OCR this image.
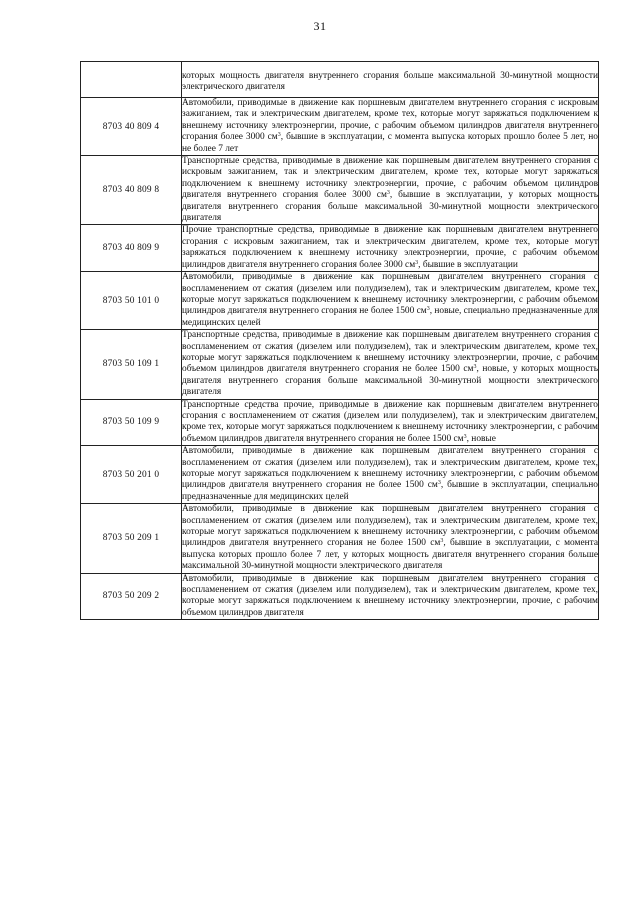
31
	которых мощность двигателя внутреннего сгорания больше максимальной 30-минутной мощности электрического двигателя
8703 40 809 4	Автомобили, приводимые в движение как поршневым двигателем внутреннего сгорания с искровым зажиганием, так и электрическим двигателем, кроме тех, которые могут заряжаться подключением к внешнему источнику электроэнергии, прочие, с рабочим объемом цилиндров двигателя внутреннего сгорания более 3000 $см^3$, бывшие в эксплуатации, с момента выпуска которых прошло более 5 лет, но не более 7 лет
8703 40 809 8	Транспортные средства, приводимые в движение как поршневым двигателем внутреннего сгорания с искровым зажиганием, так и электрическим двигателем, кроме тех, которые могут заряжаться подключением к внешнему источнику электроэнергии, прочие, с рабочим объемом цилиндров двигателя внутреннего сгорания более 3000 $см^3$, бывшие в эксплуатации, у которых мощность двигателя внутреннего сгорания больше максимальной 30-минутной мощности электрического двигателя
8703 40 809 9	Прочие транспортные средства, приводимые в движение как поршневым двигателем внутреннего сгорания с искровым зажиганием, так и электрическим двигателем, кроме тех, которые могут заряжаться подключением к внешнему источнику электроэнергии, прочие, с рабочим объемом цилиндров двигателя внутреннего сгорания более 3000 $см^3$, бывшие в эксплуатации
8703 50 101 0	Автомобили, приводимые в движение как поршневым двигателем внутреннего сгорания с воспламенением от сжатия (дизелем или полудизелем), так и электрическим двигателем, кроме тех, которые могут заряжаться подключением к внешнему источнику электроэнергии, с рабочим объемом цилиндров двигателя внутреннего сгорания не более 1500 $см^3$, новые, специально предназначенные для медицинских целей
8703 50 109 1	Транспортные средства, приводимые в движение как поршневым двигателем внутреннего сгорания с воспламенением от сжатия (дизелем или полудизелем), так и электрическим двигателем, кроме тех, которые могут заряжаться подключением к внешнему источнику электроэнергии, прочие, с рабочим объемом цилиндров двигателя внутреннего сгорания не более 1500 $см^3$, новые, у которых мощность двигателя внутреннего сгорания больше максимальной 30-минутной мощности электрического двигателя
8703 50 109 9	Транспортные средства прочие, приводимые в движение как поршневым двигателем внутреннего сгорания с воспламенением от сжатия (дизелем или полудизелем), так и электрическим двигателем, кроме тех, которые могут заряжаться подключением к внешнему источнику электроэнергии, с рабочим объемом цилиндров двигателя внутреннего сгорания не более 1500 $см^3$, новые
8703 50 201 0	Автомобили, приводимые в движение как поршневым двигателем внутреннего сгорания с воспламенением от сжатия (дизелем или полудизелем), так и электрическим двигателем, кроме тех, которые могут заряжаться подключением к внешнему источнику электроэнергии, с рабочим объемом цилиндров двигателя внутреннего сгорания не более 1500 $см^3$, бывшие в эксплуатации, специально предназначенные для медицинских целей
8703 50 209 1	Автомобили, приводимые в движение как поршневым двигателем внутреннего сгорания с воспламенением от сжатия (дизелем или полудизелем), так и электрическим двигателем, кроме тех, которые могут заряжаться подключением к внешнему источнику электроэнергии, с рабочим объемом цилиндров двигателя внутреннего сгорания не более 1500 $см^3$, бывшие в эксплуатации, с момента выпуска которых прошло более 7 лет, у которых мощность двигателя внутреннего сгорания больше максимальной 30-минутной мощности электрического двигателя
8703 50 209 2	Автомобили, приводимые в движение как поршневым двигателем внутреннего сгорания с воспламенением от сжатия (дизелем или полудизелем), так и электрическим двигателем, кроме тех, которые могут заряжаться подключением к внешнему источнику электроэнергии, прочие, с рабочим объемом цилиндров двигателя
